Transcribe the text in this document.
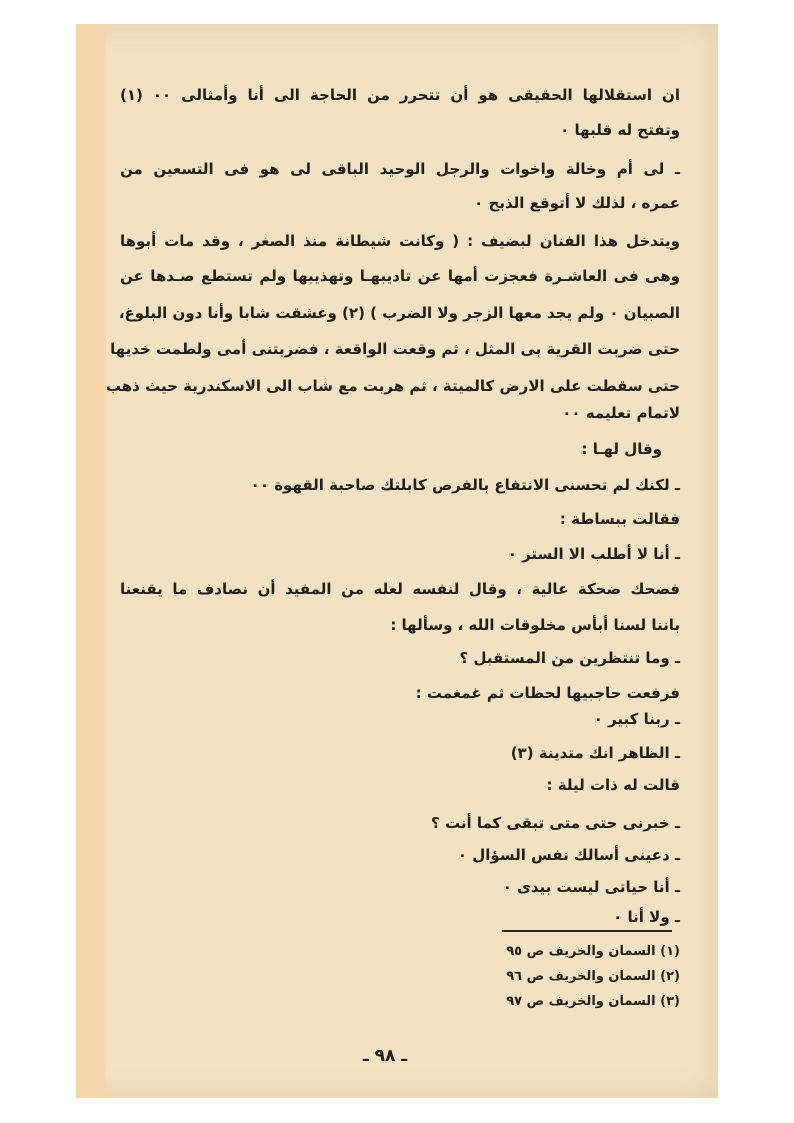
ان استقلالها الحقيقى هو أن تتحرر من الحاجة الى أنا وأمثالى ٠٠ (١)
وتفتح له قلبها ٠
ـ لى أم وخالة واخوات والرجل الوحيد الباقى لى هو فى التسعين من
عمره ، لذلك لا أتوقع الذبح ٠
ويتدخل هذا الفنان لبضيف : ( وكانت شيطانة منذ الصغر ، وقد مات أبوها
وهى فى العاشـرة فعجزت أمها عن تاديبهـا وتهذيبها ولم تستطع صـدها عن
الصبيان ٠ ولم يجد معها الزجر ولا الضرب ) (٢) وعشقت شابا وأنا دون البلوغ،
حتى ضربت القرية بى المثل ، ثم وقعت الواقعة ، فضربتنى أمى ولطمت خديها
حتى سقطت على الارض كالميتة ، ثم هربت مع شاب الى الاسكندرية حيث ذهب
لاتمام تعليمه ٠٠
وقال لهـا :
ـ لكنك لم تحسنى الانتفاع بالفرص كابلتك صاحبة القهوة ٠٠
فقالت ببساطة :
ـ أنا لا أطلب الا الستر ٠
فضحك ضحكة عالية ، وقال لنفسه لعله من المفيد أن نصادف ما يقنعنا
باننا لسنا أبأس مخلوقات الله ، وسألها :
ـ وما تنتظرين من المستقبل ؟
فرفعت حاجبيها لحظات ثم غمغمت :
ـ ربنا كبير ٠
ـ الظاهر انك متدينة (٣)
قالت له ذات ليلة :
ـ خبرنى حتى متى تبقى كما أنت ؟
ـ دعينى أسالك نفس السؤال ٠
ـ أنا حياتى ليست بيدى ٠
ـ ولا أنا ٠
(١) السمان والخريف ص ٩٥
(٢) السمان والخريف ص ٩٦
(٣) السمان والخريف ص ٩٧
ـ ٩٨ ـ
